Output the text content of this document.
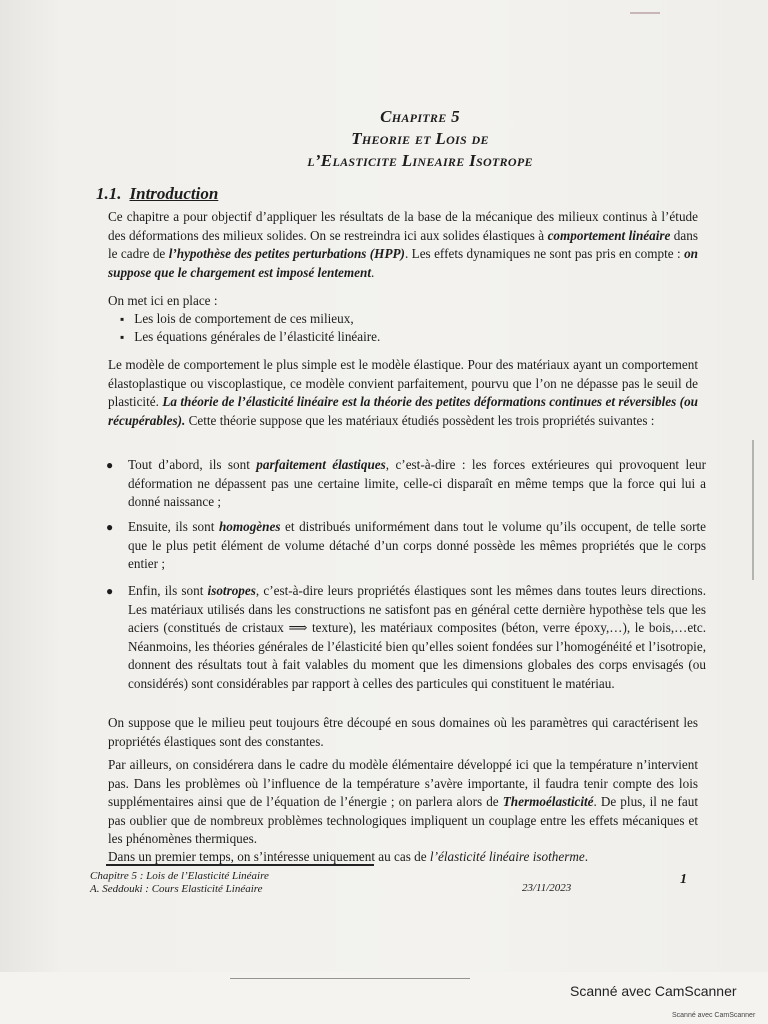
Chapitre 5
Theorie et Lois de
l’Elasticite Lineaire Isotrope
1.1. Introduction
Ce chapitre a pour objectif d’appliquer les résultats de la base de la mécanique des milieux continus à l’étude des déformations des milieux solides. On se restreindra ici aux solides élastiques à comportement linéaire dans le cadre de l’hypothèse des petites perturbations (HPP). Les effets dynamiques ne sont pas pris en compte : on suppose que le chargement est imposé lentement.
On met ici en place :
▪ Les lois de comportement de ces milieux,
▪ Les équations générales de l’élasticité linéaire.
Le modèle de comportement le plus simple est le modèle élastique. Pour des matériaux ayant un comportement élastoplastique ou viscoplastique, ce modèle convient parfaitement, pourvu que l’on ne dépasse pas le seuil de plasticité. La théorie de l’élasticité linéaire est la théorie des petites déformations continues et réversibles (ou récupérables). Cette théorie suppose que les matériaux étudiés possèdent les trois propriétés suivantes :
● Tout d’abord, ils sont parfaitement élastiques, c’est-à-dire : les forces extérieures qui provoquent leur déformation ne dépassent pas une certaine limite, celle-ci disparaît en même temps que la force qui lui a donné naissance ;
● Ensuite, ils sont homogènes et distribués uniformément dans tout le volume qu’ils occupent, de telle sorte que le plus petit élément de volume détaché d’un corps donné possède les mêmes propriétés que le corps entier ;
● Enfin, ils sont isotropes, c’est-à-dire leurs propriétés élastiques sont les mêmes dans toutes leurs directions. Les matériaux utilisés dans les constructions ne satisfont pas en général cette dernière hypothèse tels que les aciers (constitués de cristaux ⟹ texture), les matériaux composites (béton, verre époxy,…), le bois,…etc. Néanmoins, les théories générales de l’élasticité bien qu’elles soient fondées sur l’homogénéité et l’isotropie, donnent des résultats tout à fait valables du moment que les dimensions globales des corps envisagés (ou considérés) sont considérables par rapport à celles des particules qui constituent le matériau.
On suppose que le milieu peut toujours être découpé en sous domaines où les paramètres qui caractérisent les propriétés élastiques sont des constantes.
Par ailleurs, on considérera dans le cadre du modèle élémentaire développé ici que la température n’intervient pas. Dans les problèmes où l’influence de la température s’avère importante, il faudra tenir compte des lois supplémentaires ainsi que de l’équation de l’énergie ; on parlera alors de Thermoélasticité. De plus, il ne faut pas oublier que de nombreux problèmes technologiques impliquent un couplage entre les effets mécaniques et les phénomènes thermiques.
Dans un premier temps, on s’intéresse uniquement au cas de l’élasticité linéaire isotherme.
Chapitre 5 : Lois de l’Elasticité Linéaire
A. Seddouki : Cours Elasticité Linéaire	23/11/2023
1
Scanné avec CamScanner
Scanné avec CamScanner
